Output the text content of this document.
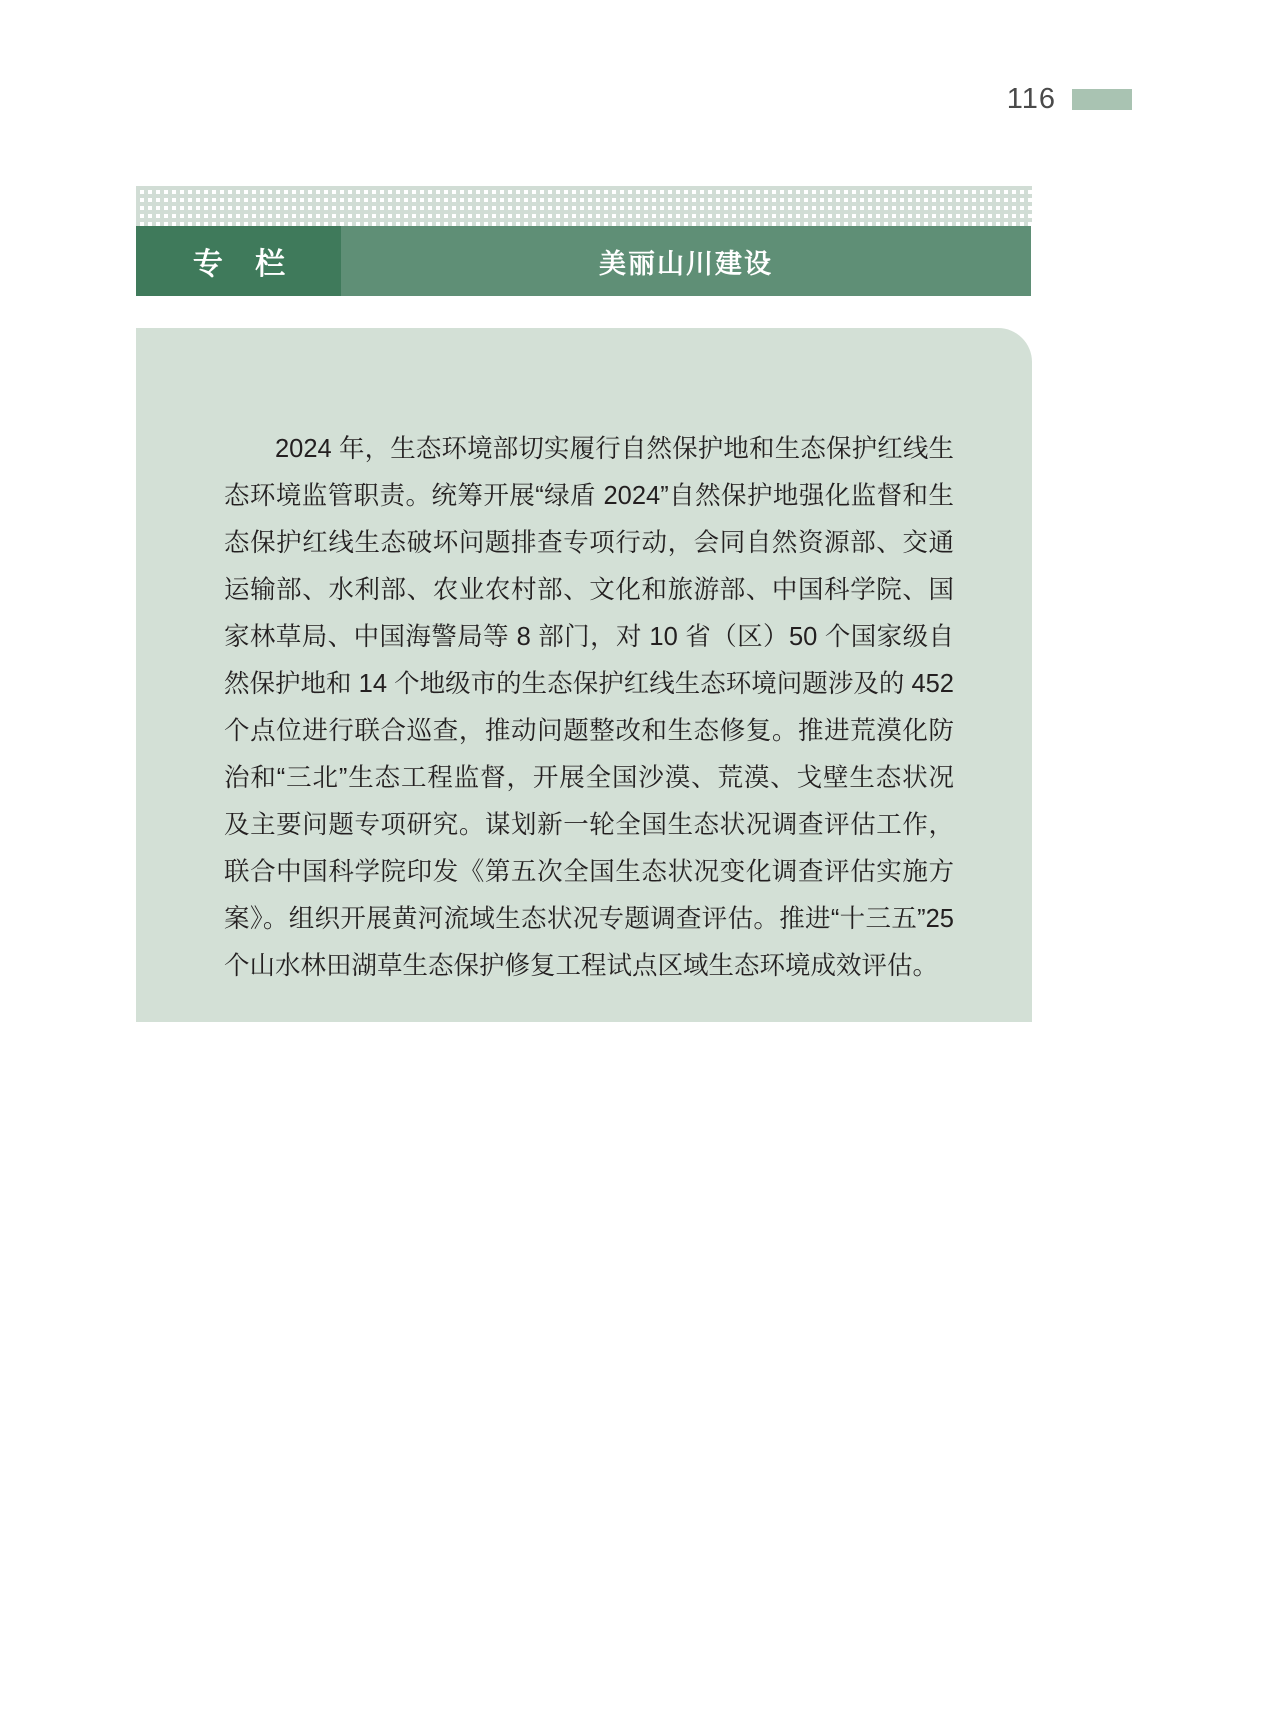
116
专 栏	美丽山川建设

2024 年，生态环境部切实履行自然保护地和生态保护红线生态环境监管职责。统筹开展“绿盾 2024”自然保护地强化监督和生态保护红线生态破坏问题排查专项行动，会同自然资源部、交通运输部、水利部、农业农村部、文化和旅游部、中国科学院、国家林草局、中国海警局等 8 部门，对 10 省（区）50 个国家级自然保护地和 14 个地级市的生态保护红线生态环境问题涉及的 452 个点位进行联合巡查，推动问题整改和生态修复。推进荒漠化防治和“三北”生态工程监督，开展全国沙漠、荒漠、戈壁生态状况及主要问题专项研究。谋划新一轮全国生态状况调查评估工作，联合中国科学院印发《第五次全国生态状况变化调查评估实施方案》。组织开展黄河流域生态状况专题调查评估。推进“十三五”25 个山水林田湖草生态保护修复工程试点区域生态环境成效评估。
